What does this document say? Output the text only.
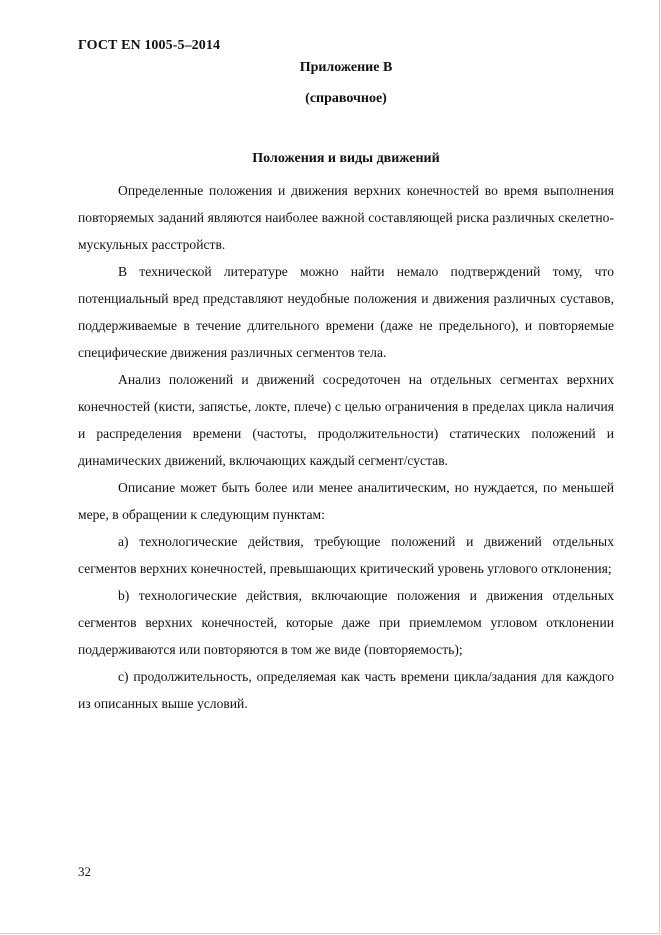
ГОСТ EN 1005-5–2014
Приложение В
(справочное)
Положения и виды движений

Определенные положения и движения верхних конечностей во время выполнения повторяемых заданий являются наиболее важной составляющей риска различных скелетно-мускульных расстройств.

В технической литературе можно найти немало подтверждений тому, что потенциальный вред представляют неудобные положения и движения различных суставов, поддерживаемые в течение длительного времени (даже не предельного), и повторяемые специфические движения различных сегментов тела.

Анализ положений и движений сосредоточен на отдельных сегментах верхних конечностей (кисти, запястье, локте, плече) с целью ограничения в пределах цикла наличия и распределения времени (частоты, продолжительности) статических положений и динамических движений, включающих каждый сегмент/сустав.

Описание может быть более или менее аналитическим, но нуждается, по меньшей мере, в обращении к следующим пунктам:

a) технологические действия, требующие положений и движений отдельных сегментов верхних конечностей, превышающих критический уровень углового отклонения;

b) технологические действия, включающие положения и движения отдельных сегментов верхних конечностей, которые даже при приемлемом угловом отклонении поддерживаются или повторяются в том же виде (повторяемость);

c) продолжительность, определяемая как часть времени цикла/задания для каждого из описанных выше условий.

32
